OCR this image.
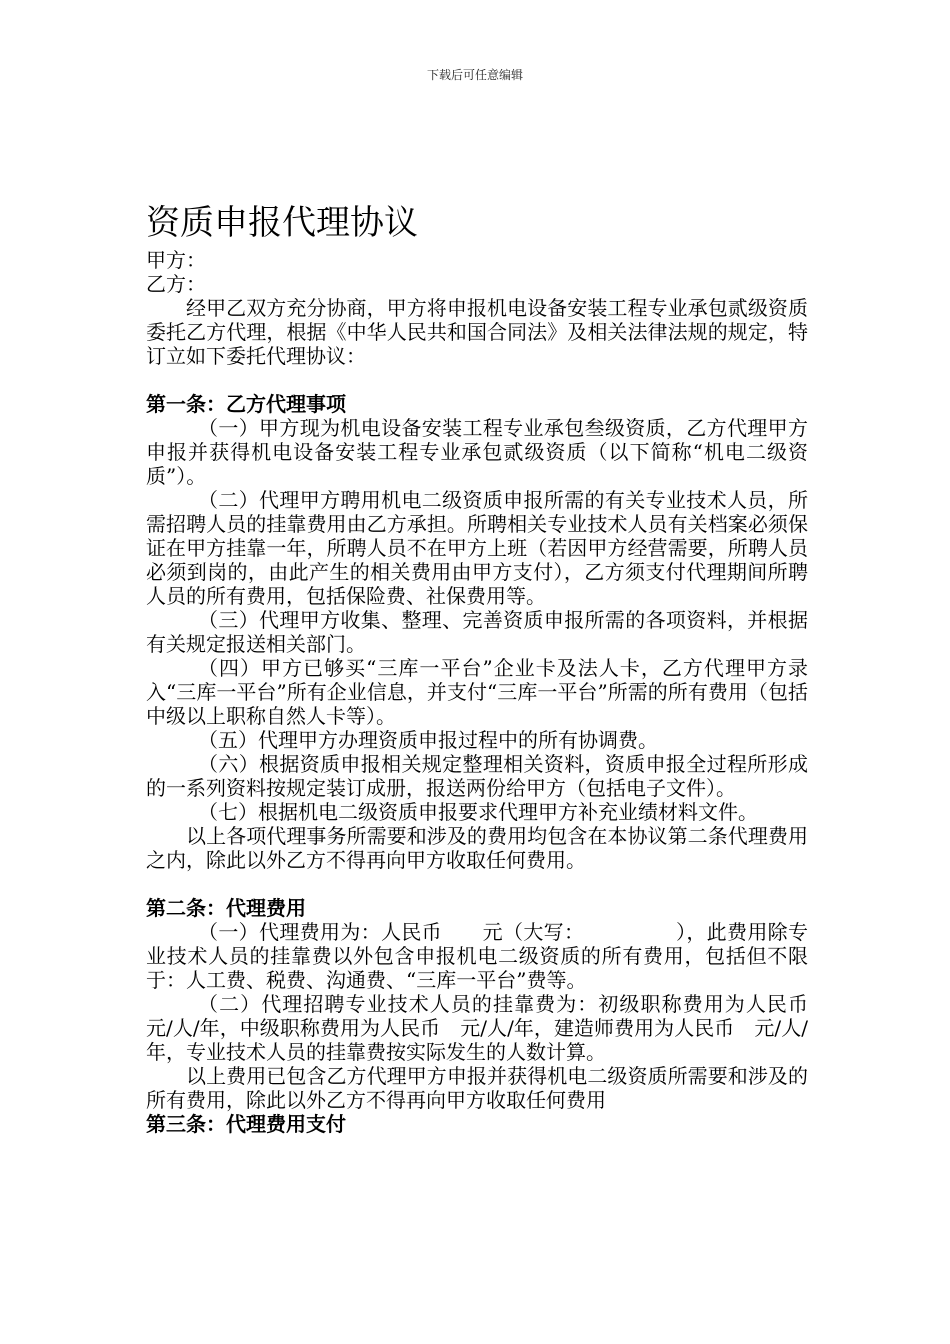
下载后可任意编辑
资质申报代理协议

甲方：

乙方：

经甲乙双方充分协商，甲方将申报机电设备安装工程专业承包贰级资质委托乙方代理，根据《中华人民共和国合同法》及相关法律法规的规定，特订立如下委托代理协议：

第一条：乙方代理事项

（一）甲方现为机电设备安装工程专业承包叁级资质，乙方代理甲方申报并获得机电设备安装工程专业承包贰级资质（以下简称“机电二级资质”）。

（二）代理甲方聘用机电二级资质申报所需的有关专业技术人员，所需招聘人员的挂靠费用由乙方承担。所聘相关专业技术人员有关档案必须保证在甲方挂靠一年，所聘人员不在甲方上班（若因甲方经营需要，所聘人员必须到岗的，由此产生的相关费用由甲方支付），乙方须支付代理期间所聘人员的所有费用，包括保险费、社保费用等。

（三）代理甲方收集、整理、完善资质申报所需的各项资料，并根据有关规定报送相关部门。

（四）甲方已够买“三库一平台”企业卡及法人卡，乙方代理甲方录入“三库一平台”所有企业信息，并支付“三库一平台”所需的所有费用（包括中级以上职称自然人卡等）。

（五）代理甲方办理资质申报过程中的所有协调费。

（六）根据资质申报相关规定整理相关资料，资质申报全过程所形成的一系列资料按规定装订成册，报送两份给甲方（包括电子文件）。

（七）根据机电二级资质申报要求代理甲方补充业绩材料文件。

以上各项代理事务所需要和涉及的费用均包含在本协议第二条代理费用之内，除此以外乙方不得再向甲方收取任何费用。

第二条：代理费用

（一）代理费用为：人民币　　元（大写：　　　　　），此费用除专业技术人员的挂靠费以外包含申报机电二级资质的所有费用，包括但不限于：人工费、税费、沟通费、“三库一平台”费等。

（二）代理招聘专业技术人员的挂靠费为：初级职称费用为人民币　元/人/年，中级职称费用为人民币　元/人/年，建造师费用为人民币　元/人/年，专业技术人员的挂靠费按实际发生的人数计算。

以上费用已包含乙方代理甲方申报并获得机电二级资质所需要和涉及的所有费用，除此以外乙方不得再向甲方收取任何费用

第三条：代理费用支付
